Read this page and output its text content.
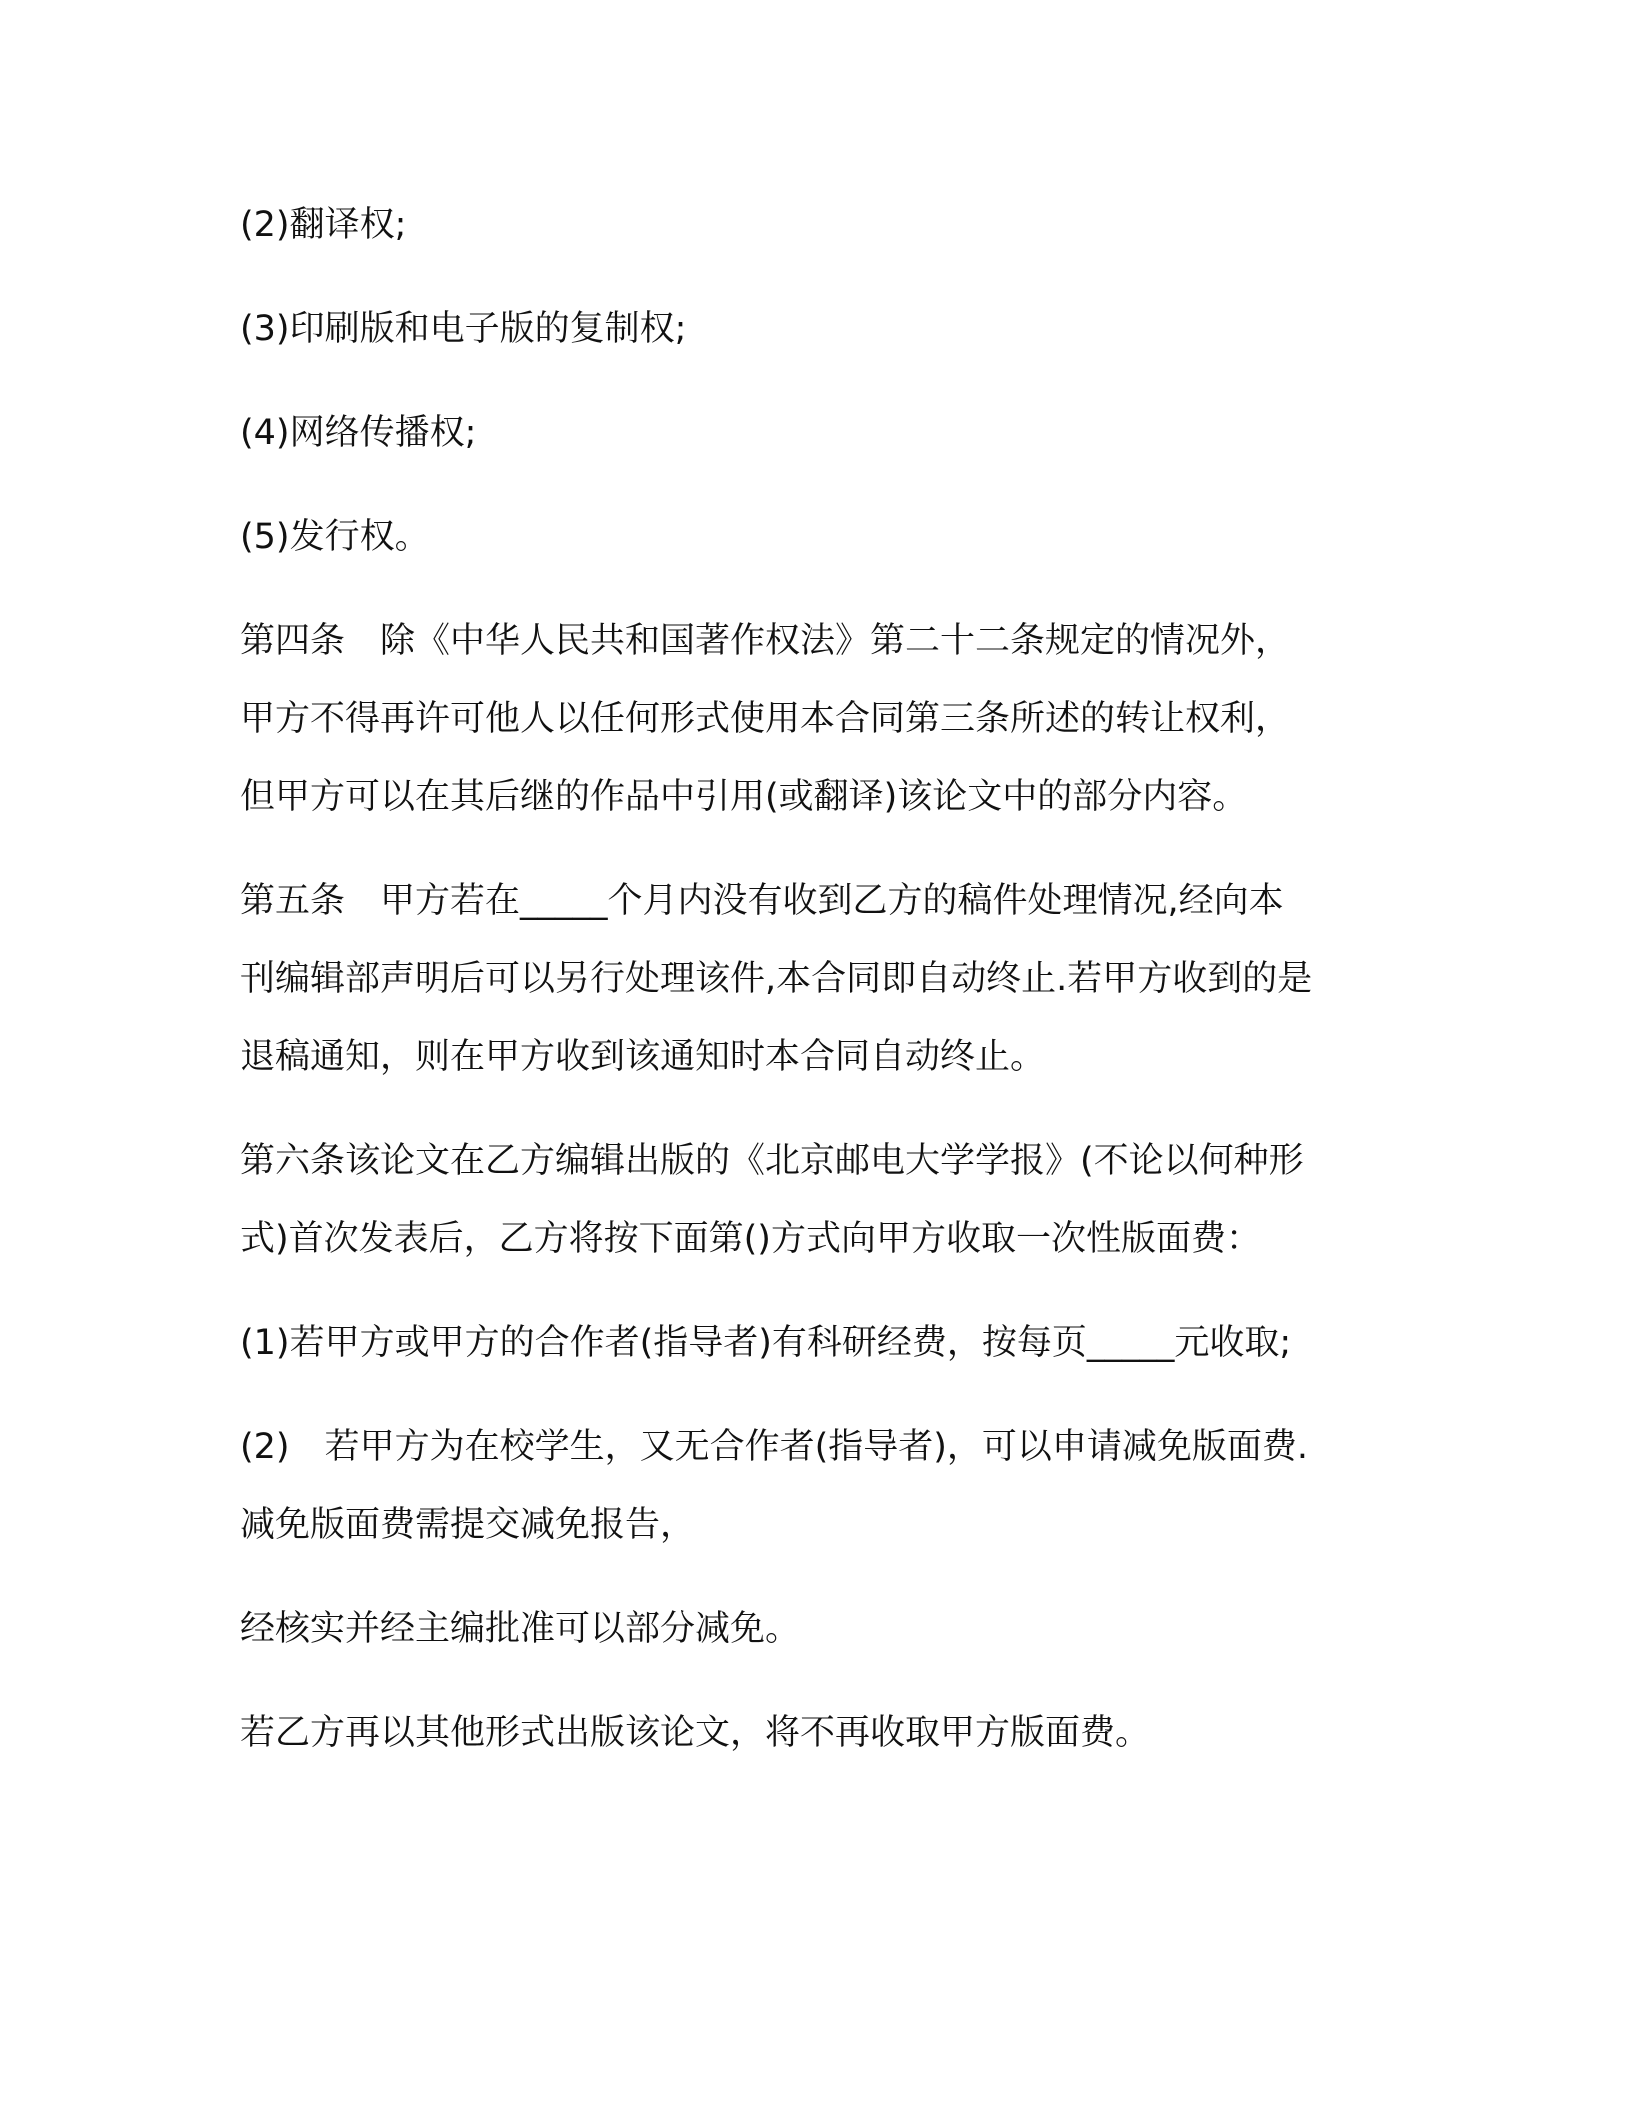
(2)翻译权;

(3)印刷版和电子版的复制权;

(4)网络传播权;

(5)发行权。

第四条　除《中华人民共和国著作权法》第二十二条规定的情况外，

甲方不得再许可他人以任何形式使用本合同第三条所述的转让权利，

但甲方可以在其后继的作品中引用(或翻译)该论文中的部分内容。

第五条　甲方若在_____个月内没有收到乙方的稿件处理情况,经向本

刊编辑部声明后可以另行处理该件,本合同即自动终止.若甲方收到的是

退稿通知，则在甲方收到该通知时本合同自动终止。

第六条该论文在乙方编辑出版的《北京邮电大学学报》(不论以何种形

式)首次发表后，乙方将按下面第()方式向甲方收取一次性版面费：

(1)若甲方或甲方的合作者(指导者)有科研经费，按每页_____元收取;

(2)　若甲方为在校学生，又无合作者(指导者)，可以申请减免版面费.

减免版面费需提交减免报告，

经核实并经主编批准可以部分减免。

若乙方再以其他形式出版该论文，将不再收取甲方版面费。
